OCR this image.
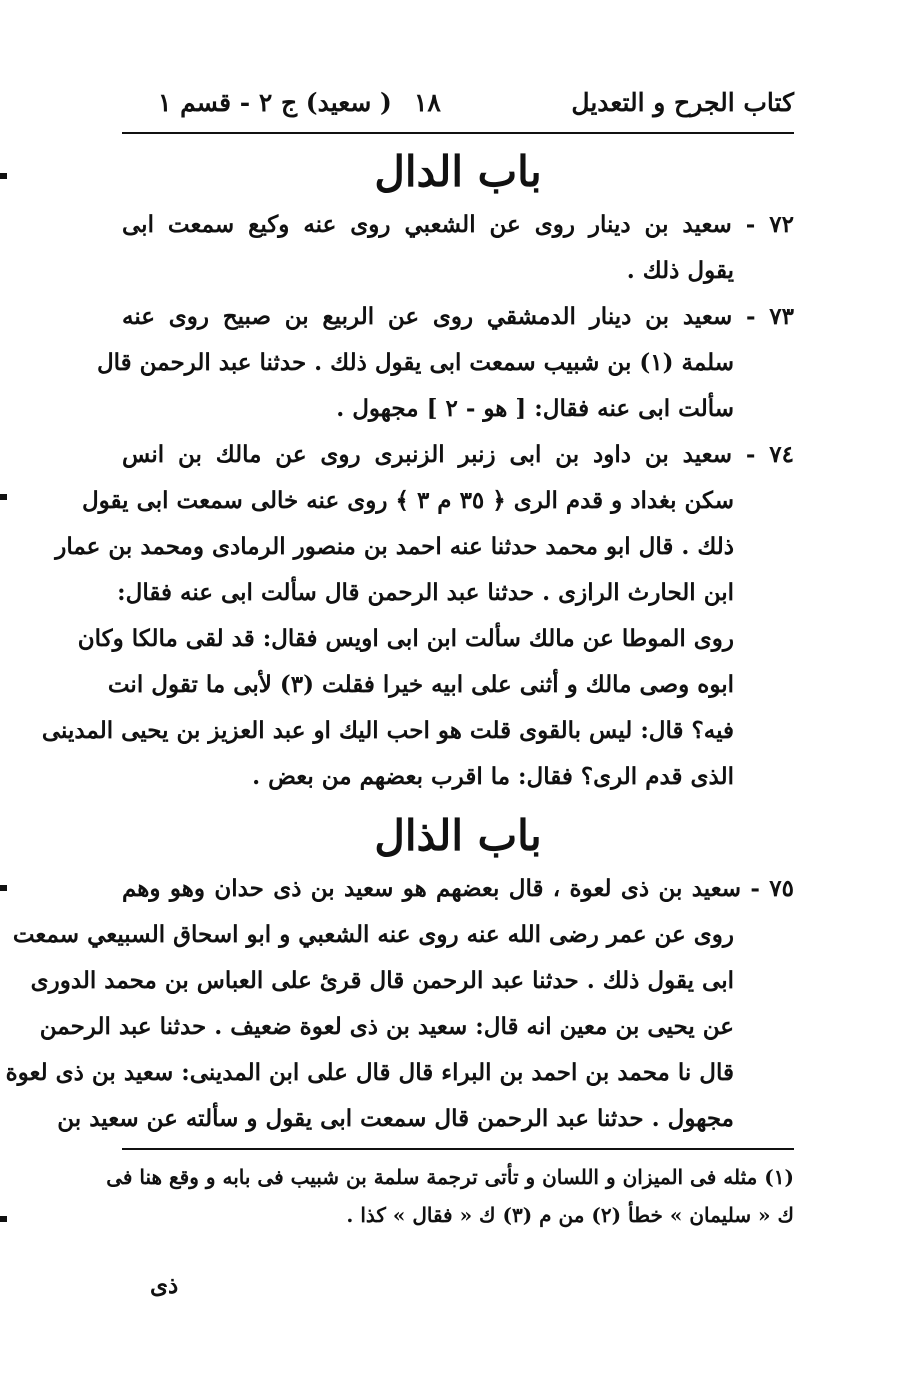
كتاب الجرح و التعديل
١٨
( سعيد) ج ٢ - قسم ١
باب الدال

٧٢ - سعيد بن دينار روى عن الشعبي روى عنه وكيع سمعت ابى

يقول ذلك .

٧٣ - سعيد بن دينار الدمشقي روى عن الربيع بن صبيح روى عنه

سلمة (١) بن شبيب سمعت ابى يقول ذلك . حدثنا عبد الرحمن قال

سألت ابى عنه فقال: [ هو - ٢ ] مجهول .

٧٤ - سعيد بن داود بن ابى زنبر الزنبرى روى عن مالك بن انس

سكن بغداد و قدم الرى ﴿ ٣٥ م ٣ ﴾ روى عنه خالى سمعت ابى يقول

ذلك . قال ابو محمد حدثنا عنه احمد بن منصور الرمادى ومحمد بن عمار

ابن الحارث الرازى . حدثنا عبد الرحمن قال سألت ابى عنه فقال:

روى الموطا عن مالك سألت ابن ابى اويس فقال: قد لقى مالكا وكان

ابوه وصى مالك و أثنى على ابيه خيرا فقلت (٣) لأبى ما تقول انت

فيه؟ قال: ليس بالقوى قلت هو احب اليك او عبد العزيز بن يحيى المدينى

الذى قدم الرى؟ فقال: ما اقرب بعضهم من بعض .

باب الذال

٧٥ - سعيد بن ذى لعوة ، قال بعضهم هو سعيد بن ذى حدان وهو وهم

روى عن عمر رضى الله عنه روى عنه الشعبي و ابو اسحاق السبيعي سمعت

ابى يقول ذلك . حدثنا عبد الرحمن قال قرئ على العباس بن محمد الدورى

عن يحيى بن معين انه قال: سعيد بن ذى لعوة ضعيف . حدثنا عبد الرحمن

قال نا محمد بن احمد بن البراء قال قال على ابن المدينى: سعيد بن ذى لعوة

مجهول . حدثنا عبد الرحمن قال سمعت ابى يقول و سألته عن سعيد بن

(١) مثله فى الميزان و اللسان و تأتى ترجمة سلمة بن شبيب فى بابه و وقع هنا فى

ك « سليمان » خطأ (٢) من م (٣) ك « فقال » كذا .

ذى
